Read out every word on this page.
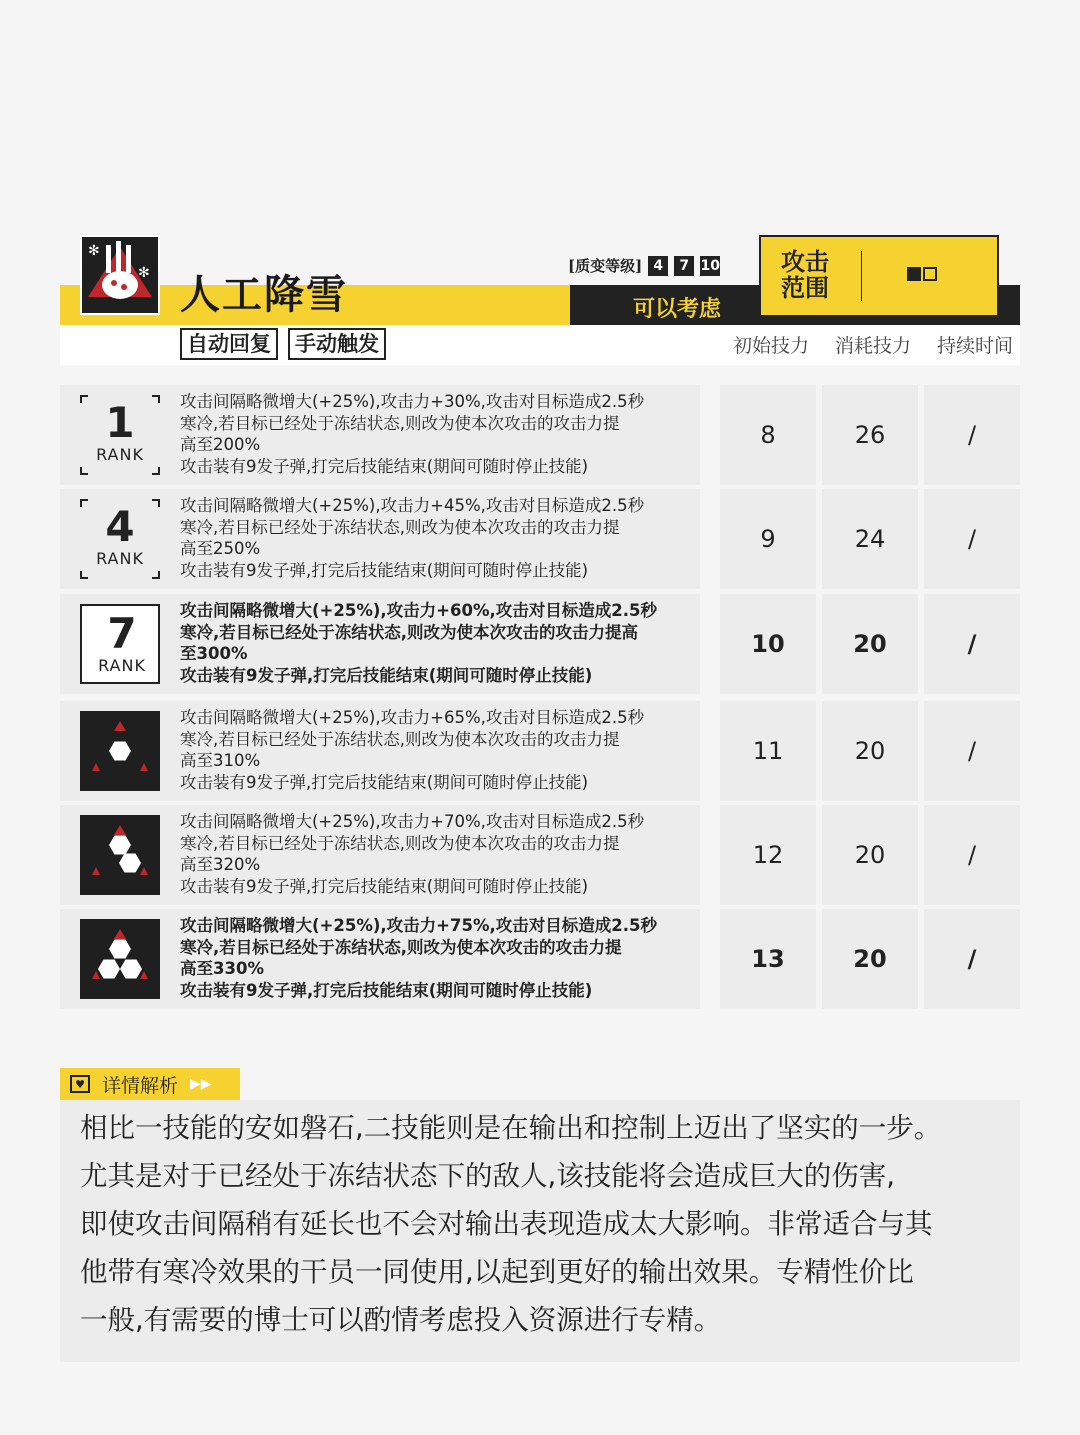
✻
✻ 人工降雪
自动回复	手动触发	初始技力	消耗技力	持续时间
[质变等级] 4	7 10
可以考虑
攻击范围
1
RANK
攻击间隔略微增大(+25%),攻击力+30%,攻击对目标造成2.5秒
寒冷,若目标已经处于冻结状态,则改为使本次攻击的攻击力提
高至200%
攻击装有9发子弹,打完后技能结束(期间可随时停止技能)
8	26	/
4
RANK
攻击间隔略微增大(+25%),攻击力+45%,攻击对目标造成2.5秒
寒冷,若目标已经处于冻结状态,则改为使本次攻击的攻击力提
高至250%
攻击装有9发子弹,打完后技能结束(期间可随时停止技能)
9	24	/
7
RANK
攻击间隔略微增大(+25%),攻击力+60%,攻击对目标造成2.5秒
寒冷,若目标已经处于冻结状态,则改为使本次攻击的攻击力提高
至300%
攻击装有9发子弹,打完后技能结束(期间可随时停止技能)
10	20	/
攻击间隔略微增大(+25%),攻击力+65%,攻击对目标造成2.5秒
寒冷,若目标已经处于冻结状态,则改为使本次攻击的攻击力提
高至310%
攻击装有9发子弹,打完后技能结束(期间可随时停止技能)
11	20	/
攻击间隔略微增大(+25%),攻击力+70%,攻击对目标造成2.5秒
寒冷,若目标已经处于冻结状态,则改为使本次攻击的攻击力提
高至320%
攻击装有9发子弹,打完后技能结束(期间可随时停止技能)
12	20	/
攻击间隔略微增大(+25%),攻击力+75%,攻击对目标造成2.5秒
寒冷,若目标已经处于冻结状态,则改为使本次攻击的攻击力提
高至330%
攻击装有9发子弹,打完后技能结束(期间可随时停止技能)
13	20	/
♥ 详情解析 ▶▶
相比一技能的安如磐石,二技能则是在输出和控制上迈出了坚实的一步。
尤其是对于已经处于冻结状态下的敌人,该技能将会造成巨大的伤害,
即使攻击间隔稍有延长也不会对输出表现造成太大影响。非常适合与其
他带有寒冷效果的干员一同使用,以起到更好的输出效果。专精性价比
一般,有需要的博士可以酌情考虑投入资源进行专精。
